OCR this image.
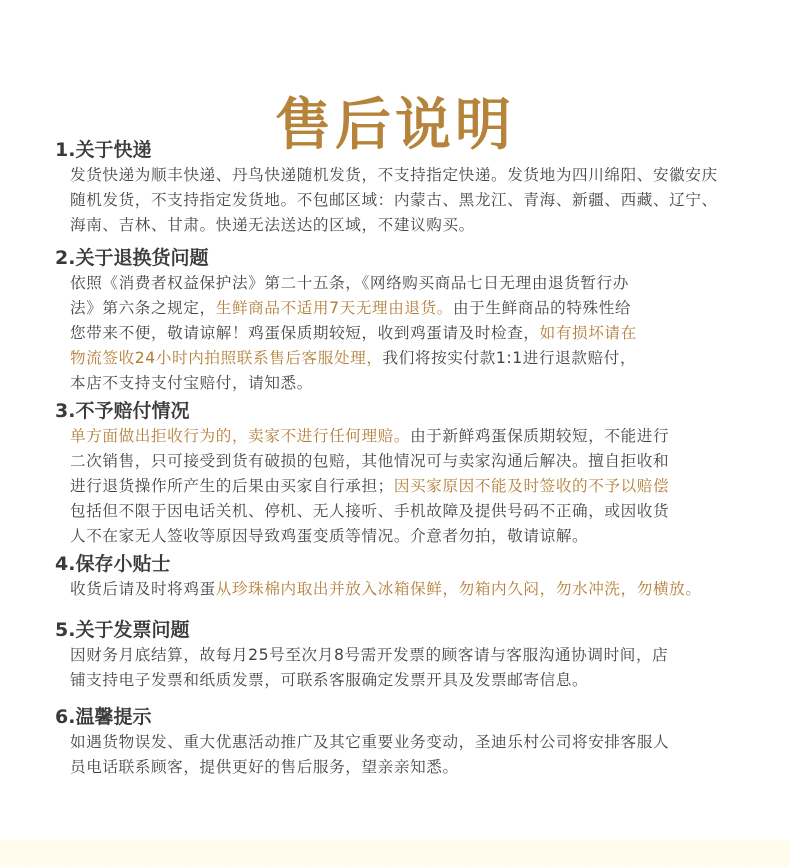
售后说明
1.关于快递
发货快递为顺丰快递、丹鸟快递随机发货，不支持指定快递。发货地为四川绵阳、安徽安庆
随机发货，不支持指定发货地。不包邮区域：内蒙古、黑龙江、青海、新疆、西藏、辽宁、
海南、吉林、甘肃。快递无法送达的区域，不建议购买。
2.关于退换货问题
依照《消费者权益保护法》第二十五条，《网络购买商品七日无理由退货暂行办
法》第六条之规定，生鲜商品不适用7天无理由退货。由于生鲜商品的特殊性给
您带来不便，敬请谅解！鸡蛋保质期较短，收到鸡蛋请及时检查，如有损坏请在
物流签收24小时内拍照联系售后客服处理，我们将按实付款1:1进行退款赔付，
本店不支持支付宝赔付，请知悉。
3.不予赔付情况
单方面做出拒收行为的，卖家不进行任何理赔。由于新鲜鸡蛋保质期较短，不能进行
二次销售，只可接受到货有破损的包赔，其他情况可与卖家沟通后解决。擅自拒收和
进行退货操作所产生的后果由买家自行承担；因买家原因不能及时签收的不予以赔偿
包括但不限于因电话关机、停机、无人接听、手机故障及提供号码不正确，或因收货
人不在家无人签收等原因导致鸡蛋变质等情况。介意者勿拍，敬请谅解。
4.保存小贴士
收货后请及时将鸡蛋从珍珠棉内取出并放入冰箱保鲜，勿箱内久闷，勿水冲洗，勿横放。
5.关于发票问题
因财务月底结算，故每月25号至次月8号需开发票的顾客请与客服沟通协调时间，店
铺支持电子发票和纸质发票，可联系客服确定发票开具及发票邮寄信息。
6.温馨提示
如遇货物误发、重大优惠活动推广及其它重要业务变动，圣迪乐村公司将安排客服人
员电话联系顾客，提供更好的售后服务，望亲亲知悉。
